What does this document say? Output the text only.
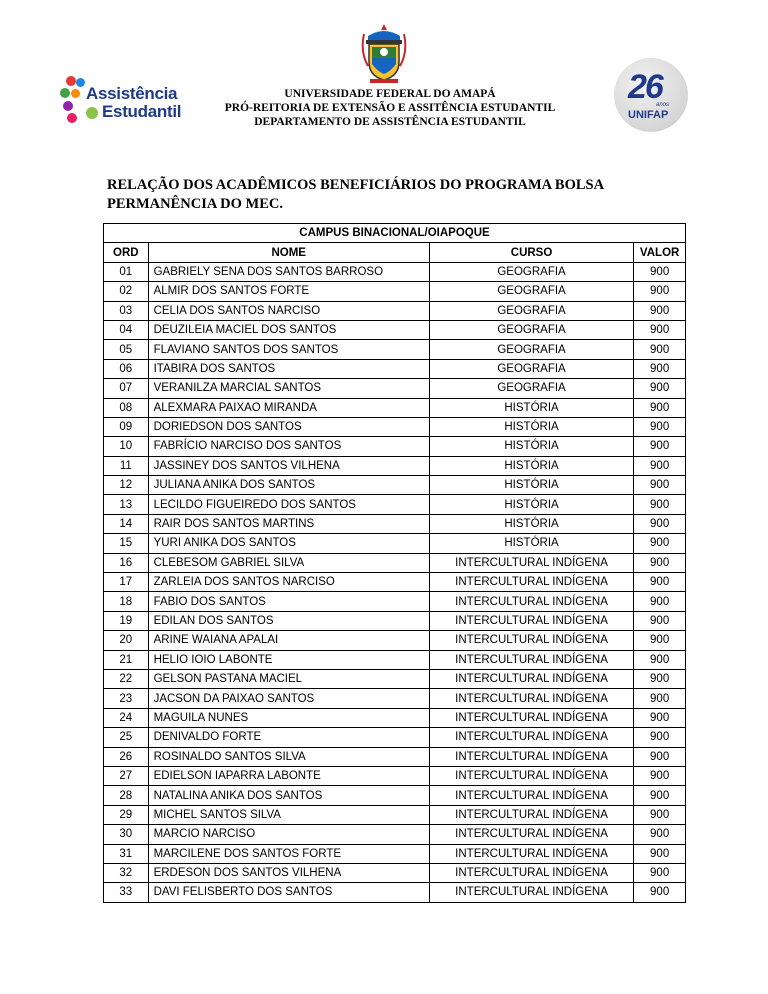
Assistência
Estudantil
26
anos
UNIFAP
UNIVERSIDADE FEDERAL DO AMAPÁ
PRÓ-REITORIA DE EXTENSÃO E ASSITÊNCIA ESTUDANTIL
DEPARTAMENTO DE ASSISTÊNCIA ESTUDANTIL
RELAÇÃO DOS ACADÊMICOS BENEFICIÁRIOS DO PROGRAMA BOLSA
PERMANÊNCIA DO MEC.
CAMPUS BINACIONAL/OIAPOQUE			
ORD	NOME	CURSO	VALOR
01	GABRIELY SENA DOS SANTOS BARROSO	GEOGRAFIA	900
02	ALMIR DOS SANTOS FORTE	GEOGRAFIA	900
03	CELIA DOS SANTOS NARCISO	GEOGRAFIA	900
04	DEUZILEIA MACIEL DOS SANTOS	GEOGRAFIA	900
05	FLAVIANO SANTOS DOS SANTOS	GEOGRAFIA	900
06	ITABIRA DOS SANTOS	GEOGRAFIA	900
07	VERANILZA MARCIAL SANTOS	GEOGRAFIA	900
08	ALEXMARA PAIXAO MIRANDA	HISTÓRIA	900
09	DORIEDSON DOS SANTOS	HISTÓRIA	900
10	FABRÍCIO NARCISO DOS SANTOS	HISTÓRIA	900
11	JASSINEY DOS SANTOS VILHENA	HISTÓRIA	900
12	JULIANA ANIKA DOS SANTOS	HISTÓRIA	900
13	LECILDO FIGUEIREDO DOS SANTOS	HISTÓRIA	900
14	RAIR DOS SANTOS MARTINS	HISTÓRIA	900
15	YURI ANIKA DOS SANTOS	HISTÓRIA	900
16	CLEBESOM GABRIEL SILVA	INTERCULTURAL INDÍGENA	900
17	ZARLEIA DOS SANTOS NARCISO	INTERCULTURAL INDÍGENA	900
18	FABIO DOS SANTOS	INTERCULTURAL INDÍGENA	900
19	EDILAN DOS SANTOS	INTERCULTURAL INDÍGENA	900
20	ARINE WAIANA APALAI	INTERCULTURAL INDÍGENA	900
21	HELIO IOIO LABONTE	INTERCULTURAL INDÍGENA	900
22	GELSON PASTANA MACIEL	INTERCULTURAL INDÍGENA	900
23	JACSON DA PAIXAO SANTOS	INTERCULTURAL INDÍGENA	900
24	MAGUILA NUNES	INTERCULTURAL INDÍGENA	900
25	DENIVALDO FORTE	INTERCULTURAL INDÍGENA	900
26	ROSINALDO SANTOS SILVA	INTERCULTURAL INDÍGENA	900
27	EDIELSON IAPARRA LABONTE	INTERCULTURAL INDÍGENA	900
28	NATALINA ANIKA DOS SANTOS	INTERCULTURAL INDÍGENA	900
29	MICHEL SANTOS SILVA	INTERCULTURAL INDÍGENA	900
30	MARCIO NARCISO	INTERCULTURAL INDÍGENA	900
31	MARCILENE DOS SANTOS FORTE	INTERCULTURAL INDÍGENA	900
32	ERDESON DOS SANTOS VILHENA	INTERCULTURAL INDÍGENA	900
33	DAVI FELISBERTO DOS SANTOS	INTERCULTURAL INDÍGENA	900
